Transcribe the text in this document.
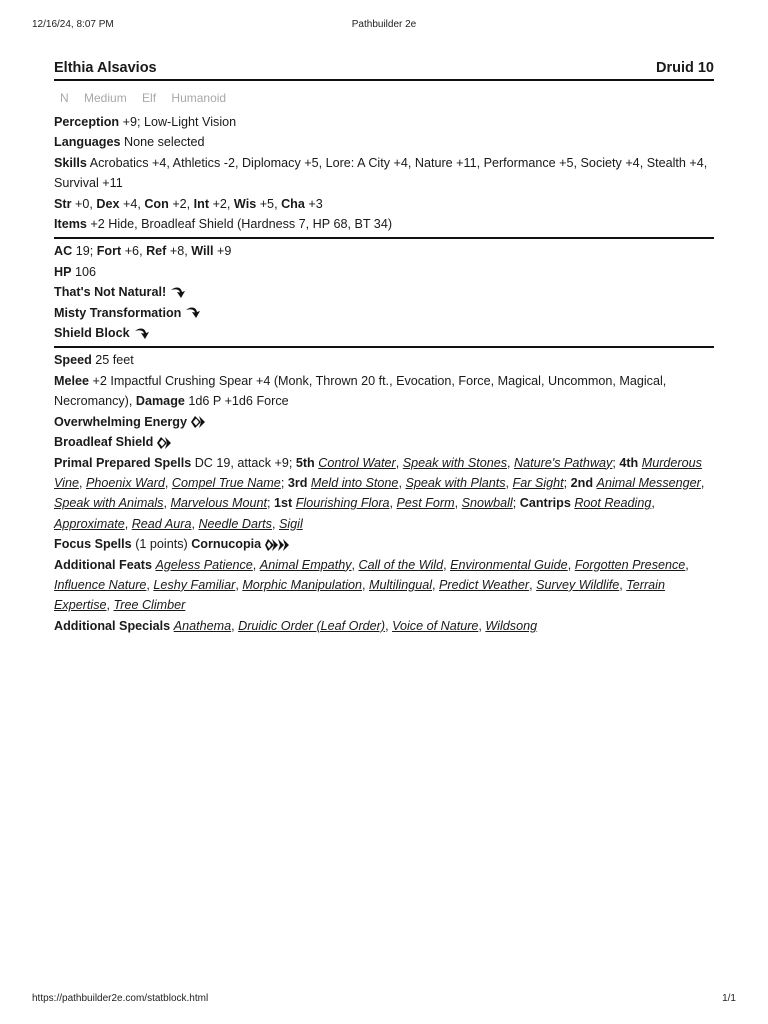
12/16/24, 8:07 PM	Pathbuilder 2e
Elthia Alsavios	Druid 10
N Medium Elf Humanoid

Perception +9; Low-Light Vision

Languages None selected

Skills Acrobatics +4, Athletics -2, Diplomacy +5, Lore: A City +4, Nature +11, Performance +5, Society +4, Stealth +4, Survival +11

Str +0, Dex +4, Con +2, Int +2, Wis +5, Cha +3

Items +2 Hide, Broadleaf Shield (Hardness 7, HP 68, BT 34)

AC 19; Fort +6, Ref +8, Will +9

HP 106

That's Not Natural!

Misty Transformation

Shield Block

Speed 25 feet

Melee +2 Impactful Crushing Spear +4 (Monk, Thrown 20 ft., Evocation, Force, Magical, Uncommon, Magical, Necromancy), Damage 1d6 P +1d6 Force

Overwhelming Energy

Broadleaf Shield

Primal Prepared Spells DC 19, attack +9; 5th Control Water, Speak with Stones, Nature's Pathway; 4th Murderous Vine, Phoenix Ward, Compel True Name; 3rd Meld into Stone, Speak with Plants, Far Sight; 2nd Animal Messenger, Speak with Animals, Marvelous Mount; 1st Flourishing Flora, Pest Form, Snowball; Cantrips Root Reading, Approximate, Read Aura, Needle Darts, Sigil

Focus Spells (1 points) Cornucopia

Additional Feats Ageless Patience, Animal Empathy, Call of the Wild, Environmental Guide, Forgotten Presence, Influence Nature, Leshy Familiar, Morphic Manipulation, Multilingual, Predict Weather, Survey Wildlife, Terrain Expertise, Tree Climber

Additional Specials Anathema, Druidic Order (Leaf Order), Voice of Nature, Wildsong

https://pathbuilder2e.com/statblock.html	1/1
